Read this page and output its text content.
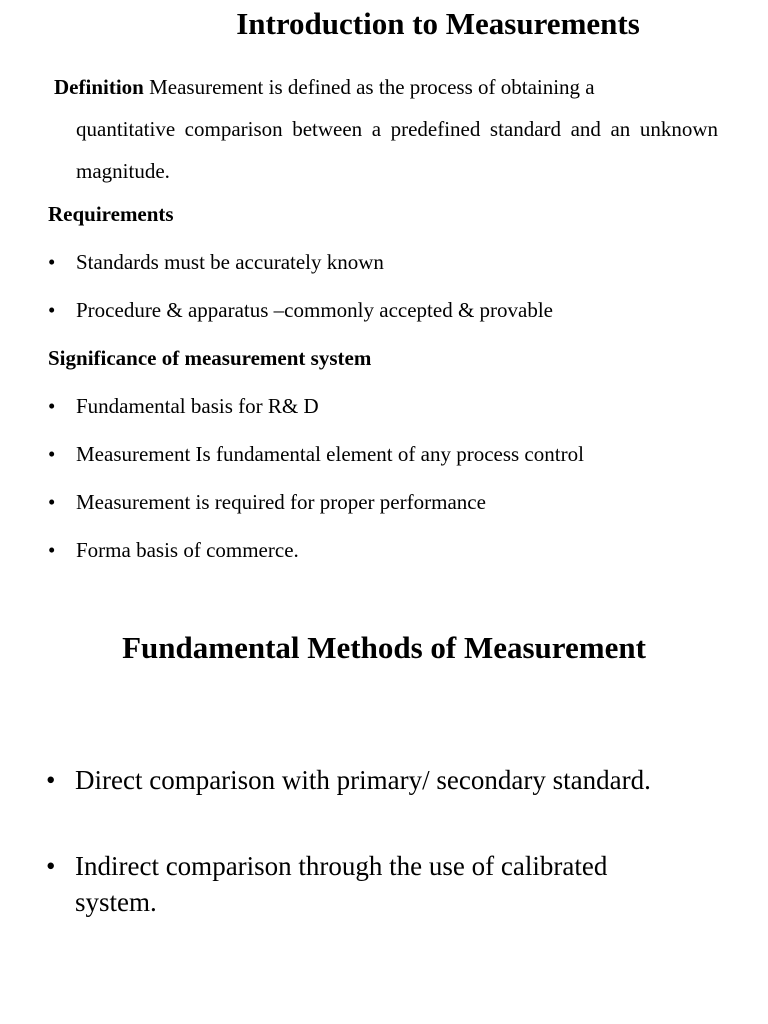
Introduction to Measurements

Definition Measurement is defined as the process of obtaining a
quantitative comparison between a predefined standard and an unknown magnitude.

Requirements
• Standards must be accurately known
• Procedure & apparatus –commonly accepted & provable
Significance of measurement system
• Fundamental basis for R& D
• Measurement Is fundamental element of any process control
• Measurement is required for proper performance
• Forma basis of commerce.
Fundamental Methods of Measurement
• Direct comparison with primary/ secondary standard.
• Indirect comparison through the use of calibrated system.
